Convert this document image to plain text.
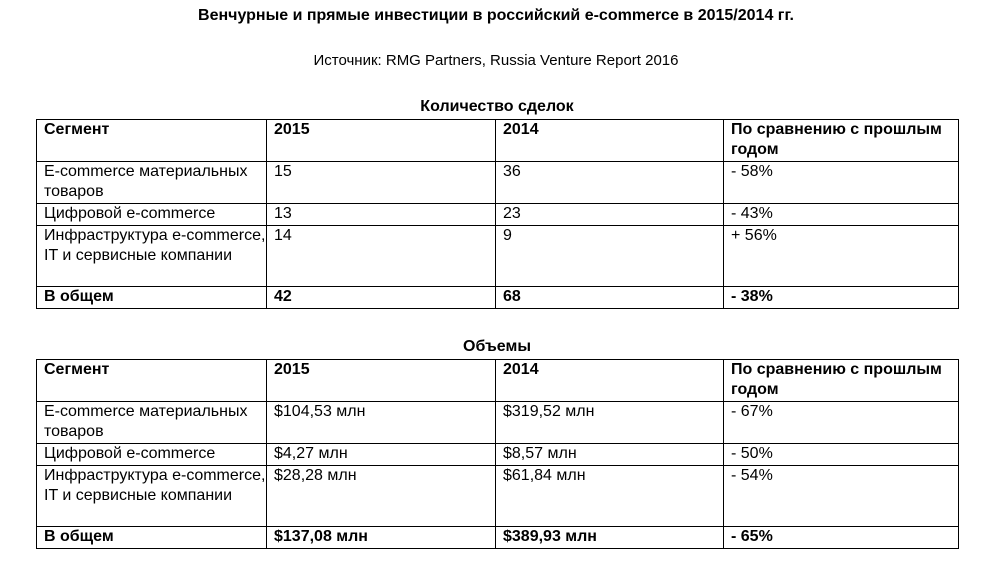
Венчурные и прямые инвестиции в российский e-commerce в 2015/2014 гг.
Источник: RMG Partners, Russia Venture Report 2016
Количество сделок
Сегмент	2015	2014	По сравнению с прошлым годом
E-commerce материальных товаров	15	36	- 58%
Цифровой e-commerce	13	23	- 43%
Инфраструктура e-commerce, IT и сервисные компании	14	9	+ 56%
В общем	42	68	- 38%
Объемы
Сегмент	2015	2014	По сравнению с прошлым годом
E-commerce материальных товаров	$104,53 млн	$319,52 млн	- 67%
Цифровой e-commerce	$4,27 млн	$8,57 млн	- 50%
Инфраструктура e-commerce, IT и сервисные компании	$28,28 млн	$61,84 млн	- 54%
В общем	$137,08 млн	$389,93 млн	- 65%
